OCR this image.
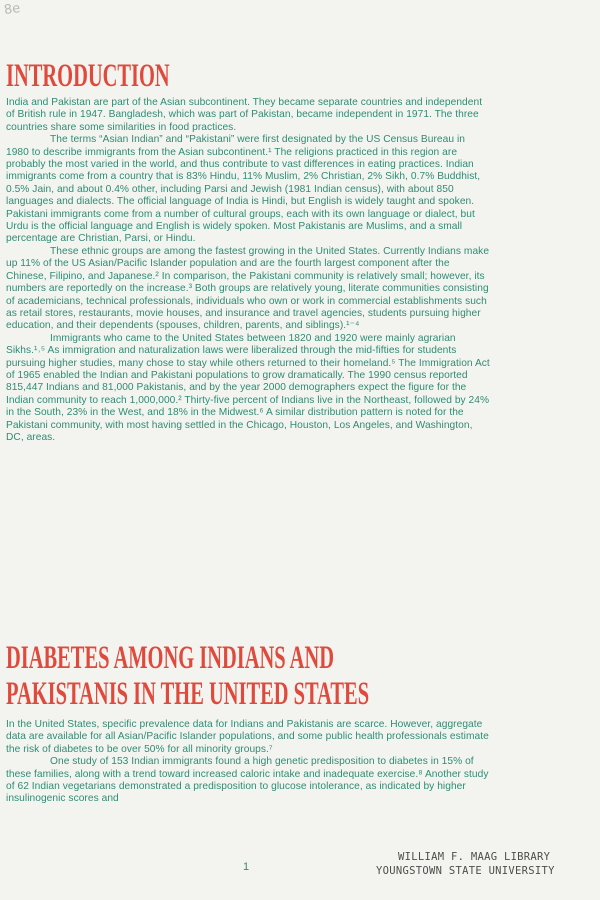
8e
INTRODUCTION

India and Pakistan are part of the Asian subcontinent. They became separate countries and independent of British rule in 1947. Bangladesh, which was part of Pakistan, became independent in 1971. The three countries share some similarities in food practices.

The terms “Asian Indian” and “Pakistani” were first designated by the US Census Bureau in 1980 to describe immigrants from the Asian subcontinent.¹ The religions practiced in this region are probably the most varied in the world, and thus contribute to vast differences in eating practices. Indian immigrants come from a country that is 83% Hindu, 11% Muslim, 2% Christian, 2% Sikh, 0.7% Buddhist, 0.5% Jain, and about 0.4% other, including Parsi and Jewish (1981 Indian census), with about 850 languages and dialects. The official language of India is Hindi, but English is widely taught and spoken. Pakistani immigrants come from a number of cultural groups, each with its own language or dialect, but Urdu is the official language and English is widely spoken. Most Pakistanis are Muslims, and a small percentage are Christian, Parsi, or Hindu.

These ethnic groups are among the fastest growing in the United States. Currently Indians make up 11% of the US Asian/Pacific Islander population and are the fourth largest component after the Chinese, Filipino, and Japanese.² In comparison, the Pakistani community is relatively small; however, its numbers are reportedly on the increase.³ Both groups are relatively young, literate communities consisting of academicians, technical professionals, individuals who own or work in commercial establishments such as retail stores, restaurants, movie houses, and insurance and travel agencies, students pursuing higher education, and their dependents (spouses, children, parents, and siblings).¹⁻⁴

Immigrants who came to the United States between 1820 and 1920 were mainly agrarian Sikhs.¹˒⁵ As immigration and naturalization laws were liberalized through the mid-fifties for students pursuing higher studies, many chose to stay while others returned to their homeland.⁵ The Immigration Act of 1965 enabled the Indian and Pakistani populations to grow dramatically. The 1990 census reported 815,447 Indians and 81,000 Pakistanis, and by the year 2000 demographers expect the figure for the Indian community to reach 1,000,000.² Thirty-five percent of Indians live in the Northeast, followed by 24% in the South, 23% in the West, and 18% in the Midwest.⁶ A similar distribution pattern is noted for the Pakistani community, with most having settled in the Chicago, Houston, Los Angeles, and Washington, DC, areas.

DIABETES AMONG INDIANS AND
PAKISTANIS IN THE UNITED STATES

In the United States, specific prevalence data for Indians and Pakistanis are scarce. However, aggregate data are available for all Asian/Pacific Islander populations, and some public health professionals estimate the risk of diabetes to be over 50% for all minority groups.⁷

One study of 153 Indian immigrants found a high genetic predisposition to diabetes in 15% of these families, along with a trend toward increased caloric intake and inadequate exercise.⁸ Another study of 62 Indian vegetarians demonstrated a predisposition to glucose intolerance, as indicated by higher insulinogenic scores and

1
WILLIAM F. MAAG LIBRARY
YOUNGSTOWN STATE UNIVERSITY
